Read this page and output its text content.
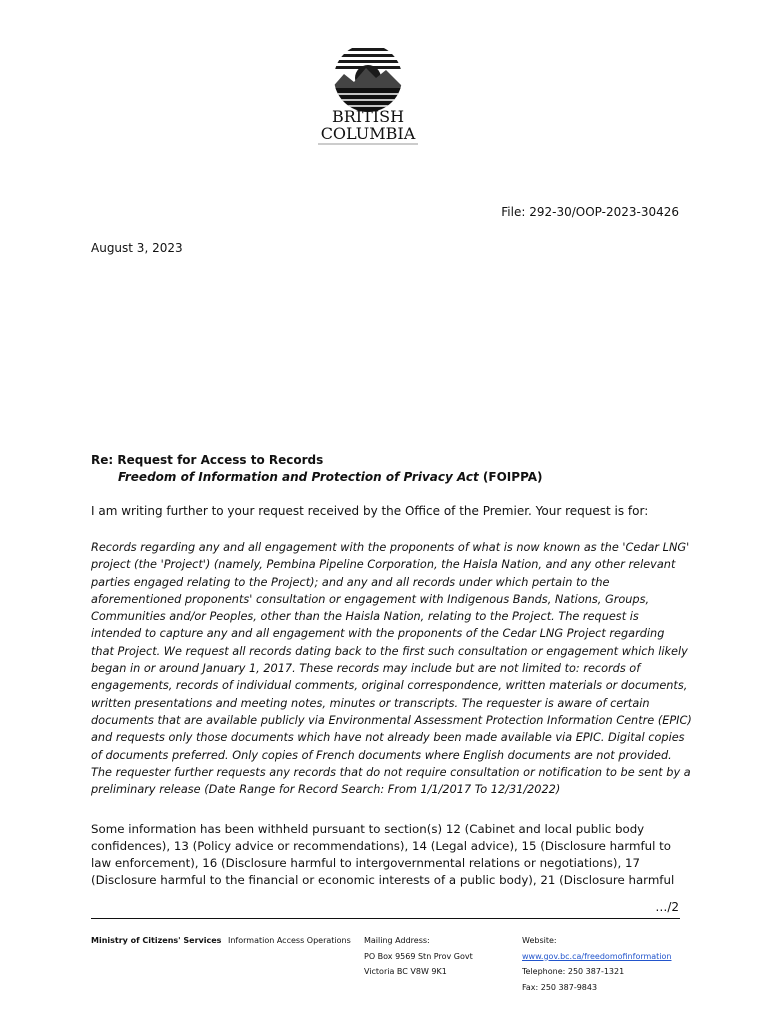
BRITISH
COLUMBIA
File: 292-30/OOP-2023-30426
August 3, 2023
Re: Request for Access to Records
Freedom of Information and Protection of Privacy Act (FOIPPA)
I am writing further to your request received by the Office of the Premier. Your request is for:
Records regarding any and all engagement with the proponents of what is now known as the 'Cedar LNG'
project (the 'Project') (namely, Pembina Pipeline Corporation, the Haisla Nation, and any other relevant
parties engaged relating to the Project); and any and all records under which pertain to the
aforementioned proponents' consultation or engagement with Indigenous Bands, Nations, Groups,
Communities and/or Peoples, other than the Haisla Nation, relating to the Project. The request is
intended to capture any and all engagement with the proponents of the Cedar LNG Project regarding
that Project. We request all records dating back to the first such consultation or engagement which likely
began in or around January 1, 2017. These records may include but are not limited to: records of
engagements, records of individual comments, original correspondence, written materials or documents,
written presentations and meeting notes, minutes or transcripts. The requester is aware of certain
documents that are available publicly via Environmental Assessment Protection Information Centre (EPIC)
and requests only those documents which have not already been made available via EPIC. Digital copies
of documents preferred. Only copies of French documents where English documents are not provided.
The requester further requests any records that do not require consultation or notification to be sent by a
preliminary release (Date Range for Record Search: From 1/1/2017 To 12/31/2022)
Some information has been withheld pursuant to section(s) 12 (Cabinet and local public body
confidences), 13 (Policy advice or recommendations), 14 (Legal advice), 15 (Disclosure harmful to
law enforcement), 16 (Disclosure harmful to intergovernmental relations or negotiations), 17
(Disclosure harmful to the financial or economic interests of a public body), 21 (Disclosure harmful
…/2
Ministry of Citizens' Services Information Access Operations Mailing Address:
PO Box 9569 Stn Prov Govt
Victoria BC V8W 9K1
Website:
www.gov.bc.ca/freedomofinformation
Telephone: 250 387-1321
Fax: 250 387-9843
